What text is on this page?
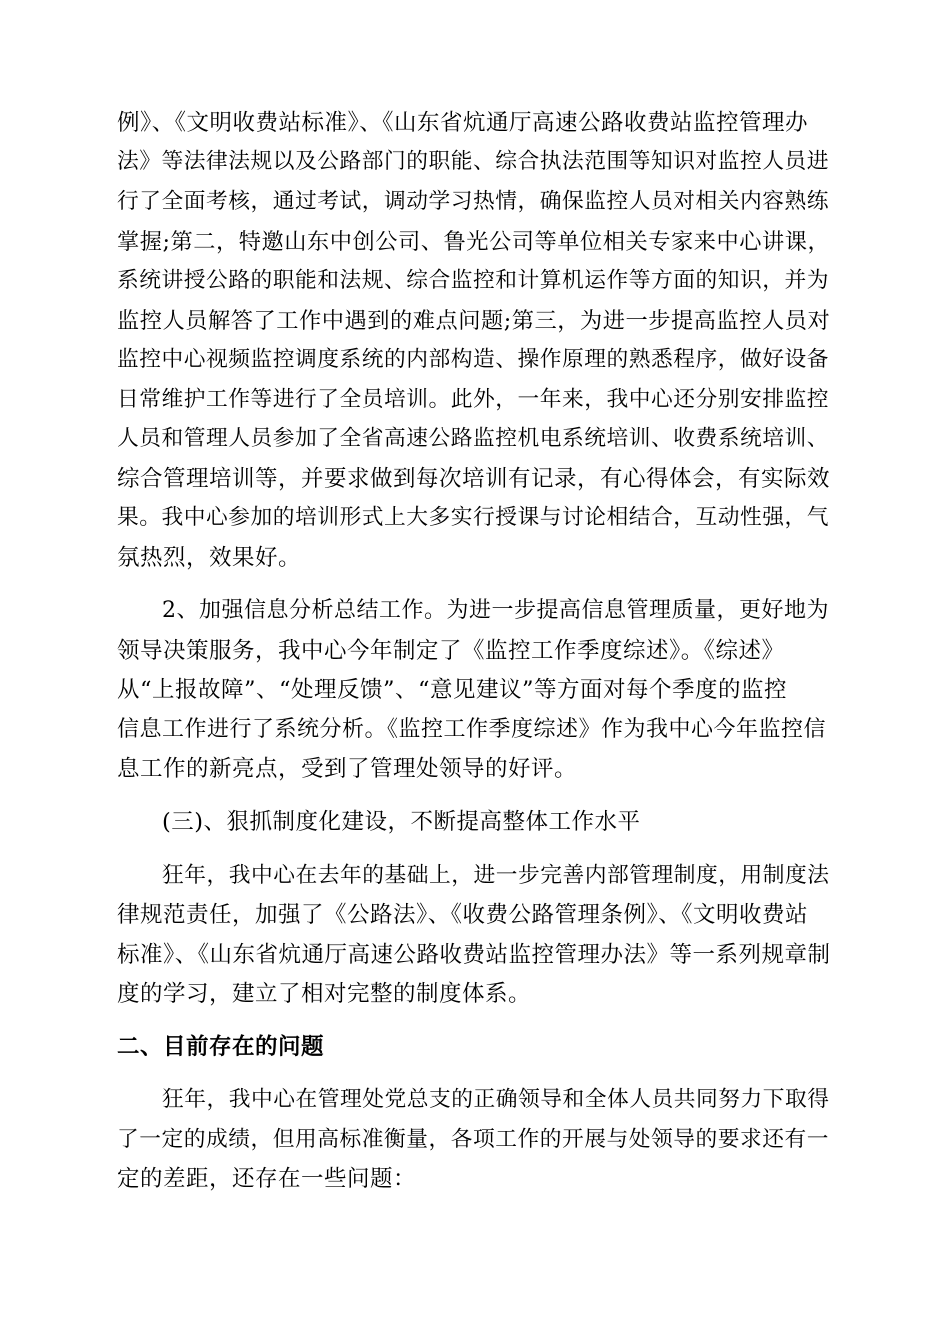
例》、《文明收费站标准》、《山东省炕通厅高速公路收费站监控管理办
法》等法律法规以及公路部门的职能、综合执法范围等知识对监控人员进
行了全面考核，通过考试，调动学习热情，确保监控人员对相关内容熟练
掌握;第二，特邀山东中创公司、鲁光公司等单位相关专家来中心讲课，
系统讲授公路的职能和法规、综合监控和计算机运作等方面的知识，并为
监控人员解答了工作中遇到的难点问题;第三，为进一步提高监控人员对
监控中心视频监控调度系统的内部构造、操作原理的熟悉程序，做好设备
日常维护工作等进行了全员培训。此外，一年来，我中心还分别安排监控
人员和管理人员参加了全省高速公路监控机电系统培训、收费系统培训、
综合管理培训等，并要求做到每次培训有记录，有心得体会，有实际效
果。我中心参加的培训形式上大多实行授课与讨论相结合，互动性强，气
氛热烈，效果好。
2、加强信息分析总结工作。为进一步提高信息管理质量，更好地为
领导决策服务，我中心今年制定了《监控工作季度综述》。《综述》
从“上报故障”、“处理反馈”、“意见建议”等方面对每个季度的监控
信息工作进行了系统分析。《监控工作季度综述》作为我中心今年监控信
息工作的新亮点，受到了管理处领导的好评。
(三)、狠抓制度化建设，不断提高整体工作水平
狂年，我中心在去年的基础上，进一步完善内部管理制度，用制度法
律规范责任，加强了《公路法》、《收费公路管理条例》、《文明收费站
标准》、《山东省炕通厅高速公路收费站监控管理办法》等一系列规章制
度的学习，建立了相对完整的制度体系。
二、目前存在的问题
狂年，我中心在管理处党总支的正确领导和全体人员共同努力下取得
了一定的成绩，但用高标准衡量，各项工作的开展与处领导的要求还有一
定的差距，还存在一些问题：
